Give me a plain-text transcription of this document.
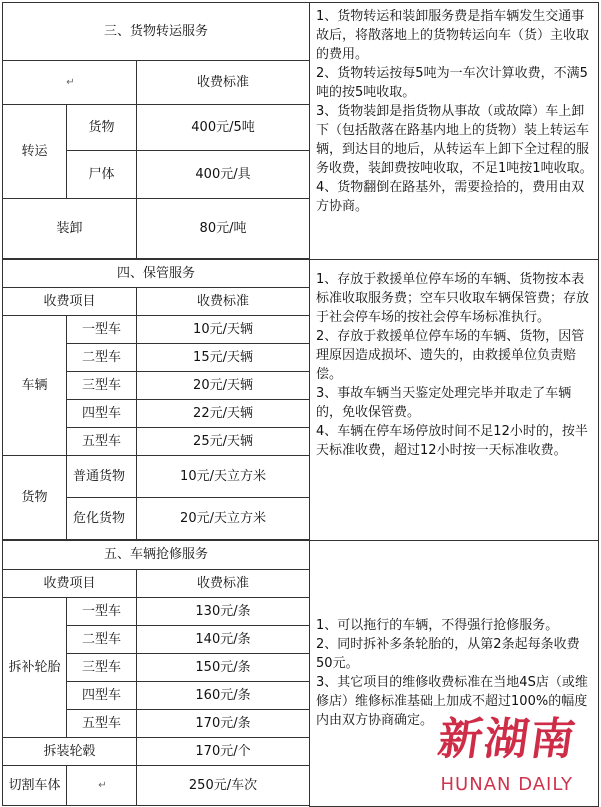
三、货物转运服务			1、货物转运和装卸服务费是指车辆发生交通事故后，将散落地上的货物转运向车（货）主收取的费用。

2、货物转运按每5吨为一车次计算收费，不满5吨的按5吨收取。

3、货物装卸是指货物从事故（或故障）车上卸下（包括散落在路基内地上的货物）装上转运车辆，到达目的地后，从转运车上卸下全过程的服务收费，装卸费按吨收取，不足1吨按1吨收取。

4、货物翻倒在路基外，需要捡拾的，费用由双方协商。

↵		收费标准	
转运	货物	400元/5吨	
	尸体	400元/具	
装卸		80元/吨	

四、保管服务			1、存放于救援单位停车场的车辆、货物按本表标准收取服务费；空车只收取车辆保管费；存放于社会停车场的按社会停车场标准执行。

2、存放于救援单位停车场的车辆、货物，因管理原因造成损坏、遗失的，由救援单位负责赔偿。

3、事故车辆当天鉴定处理完毕并取走了车辆的，免收保管费。

4、车辆在停车场停放时间不足12小时的，按半天标准收费，超过12小时按一天标准收费。

收费项目		收费标准	
车辆	一型车	10元/天辆	
	二型车	15元/天辆	
	三型车	20元/天辆	
	四型车	22元/天辆	
	五型车	25元/天辆	
货物	普通货物	10元/天立方米	
	危化货物	20元/天立方米	

五、车辆抢修服务			1、可以拖行的车辆，不得强行抢修服务。

2、同时拆补多条轮胎的，从第2条起每条收费50元。

3、其它项目的维修收费标准在当地4S店（或维修店）维修标准基础上加成不超过100%的幅度内由双方协商确定。

收费项目		收费标准	
拆补轮胎	一型车	130元/条	
	二型车	140元/条	
	三型车	150元/条	
	四型车	160元/条	
	五型车	170元/条	
拆装轮毂		170元/个	
切割车体	↵	250元/车次	

新湖南
HUNAN DAILY
